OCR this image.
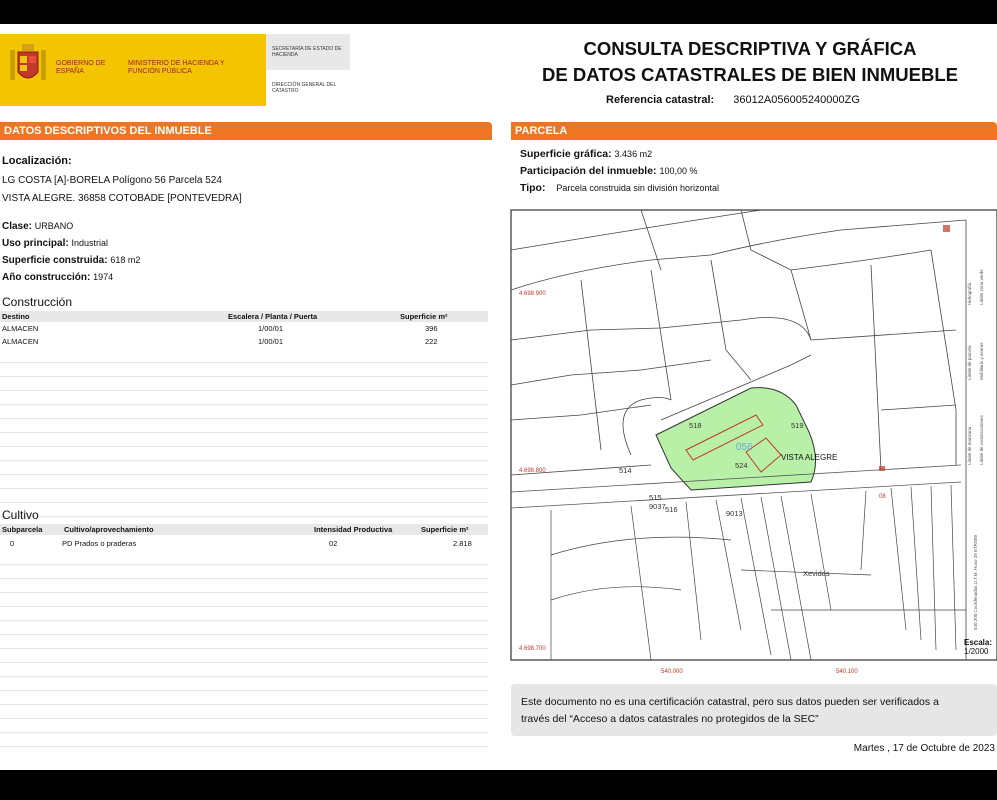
GOBIERNO DE ESPAÑA
MINISTERIO DE HACIENDA Y FUNCIÓN PÚBLICA
SECRETARÍA DE ESTADO DE HACIENDA
DIRECCIÓN GENERAL DEL CATASTRO
CONSULTA DESCRIPTIVA Y GRÁFICA
DE DATOS CATASTRALES DE BIEN INMUEBLE
Referencia catastral: 36012A056005240000ZG
DATOS DESCRIPTIVOS DEL INMUEBLE	PARCELA
Localización:
LG COSTA [A]-BORELA Polígono 56 Parcela 524
VISTA ALEGRE. 36858 COTOBADE [PONTEVEDRA]
Clase: URBANO
Uso principal: Industrial
Superficie construida: 618 m2
Año construcción: 1974
Construcción
Destino	Escalera / Planta / Puerta	Superficie m²
ALMACEN	1/00/01	396
ALMACEN	1/00/01	222
Cultivo
Subparcela	Cultivo/aprovechamiento	Intensidad Productiva	Superficie m²
0	PD Prados o praderas	02	2.818
Superficie gráfica: 3.436 m2
Participación del inmueble: 100,00 %
Tipo: Parcela construida sin división horizontal
518	519
514
524
515
9037 516	9013
056
08
VISTA ALEGRE
Xevidos
4.698.900
4.698.800
4.698.700
540.000	540.100
Hidrografía Límite zona verde
Límite de parcela Mobiliario y aceras
Límite de manzana Límite de construcciones
540.200 Coordenadas U.T.M. Huso 29 ETRS89
Escala:
1/2000
Este documento no es una certificación catastral, pero sus datos pueden ser verificados a
través del “Acceso a datos catastrales no protegidos de la SEC”
Martes , 17 de Octubre de 2023
